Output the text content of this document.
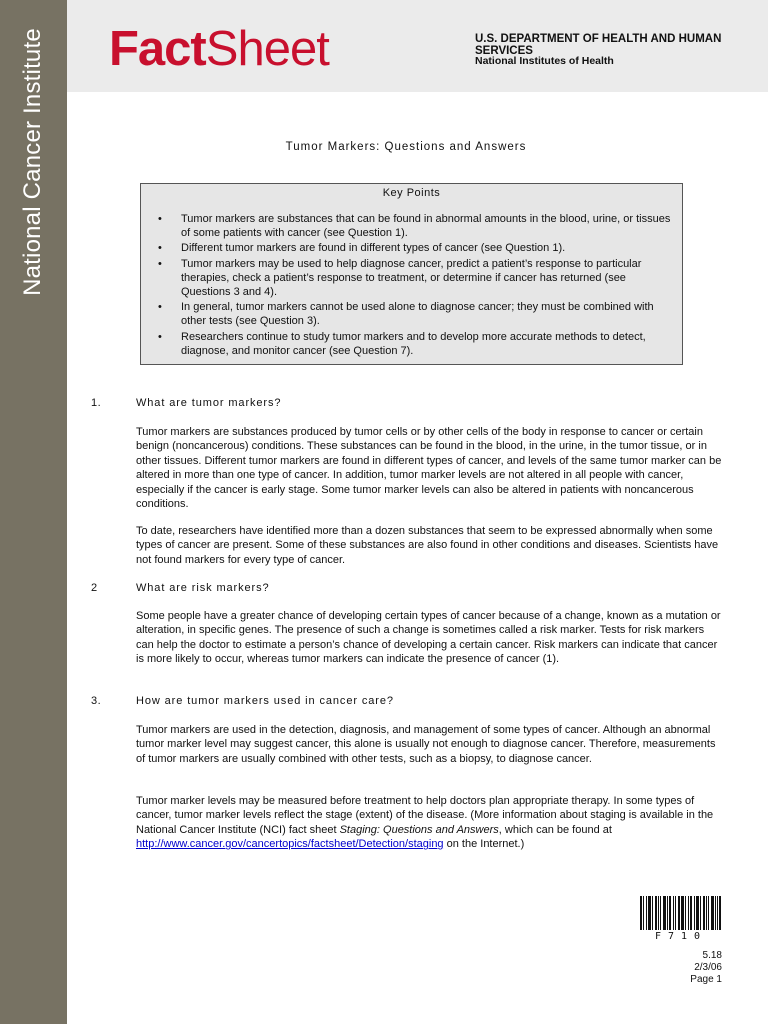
National Cancer Institute FactSheet	U.S. DEPARTMENT OF HEALTH AND HUMAN SERVICES
National Institutes of Health
Tumor Markers: Questions and Answers
Key Points
• Tumor markers are substances that can be found in abnormal amounts in the blood, urine, or tissues of some patients with cancer (see Question 1).
• Different tumor markers are found in different types of cancer (see Question 1).
• Tumor markers may be used to help diagnose cancer, predict a patient’s response to particular therapies, check a patient’s response to treatment, or determine if cancer has returned (see Questions 3 and 4).
• In general, tumor markers cannot be used alone to diagnose cancer; they must be combined with other tests (see Question 3).
• Researchers continue to study tumor markers and to develop more accurate methods to detect, diagnose, and monitor cancer (see Question 7).
1.	What are tumor markers?

Tumor markers are substances produced by tumor cells or by other cells of the body in response to cancer or certain benign (noncancerous) conditions. These substances can be found in the blood, in the urine, in the tumor tissue, or in other tissues. Different tumor markers are found in different types of cancer, and levels of the same tumor marker can be altered in more than one type of cancer. In addition, tumor marker levels are not altered in all people with cancer, especially if the cancer is early stage. Some tumor marker levels can also be altered in patients with noncancerous conditions.

To date, researchers have identified more than a dozen substances that seem to be expressed abnormally when some types of cancer are present. Some of these substances are also found in other conditions and diseases. Scientists have not found markers for every type of cancer.

2	What are risk markers?

Some people have a greater chance of developing certain types of cancer because of a change, known as a mutation or alteration, in specific genes. The presence of such a change is sometimes called a risk marker. Tests for risk markers can help the doctor to estimate a person’s chance of developing a certain cancer. Risk markers can indicate that cancer is more likely to occur, whereas tumor markers can indicate the presence of cancer (1).

3.	How are tumor markers used in cancer care?

Tumor markers are used in the detection, diagnosis, and management of some types of cancer. Although an abnormal tumor marker level may suggest cancer, this alone is usually not enough to diagnose cancer. Therefore, measurements of tumor markers are usually combined with other tests, such as a biopsy, to diagnose cancer.

Tumor marker levels may be measured before treatment to help doctors plan appropriate therapy. In some types of cancer, tumor marker levels reflect the stage (extent) of the disease. (More information about staging is available in the National Cancer Institute (NCI) fact sheet Staging: Questions and Answers, which can be found at http://www.cancer.gov/cancertopics/factsheet/Detection/staging on the Internet.)

F710
5.18
2/3/06
Page 1
